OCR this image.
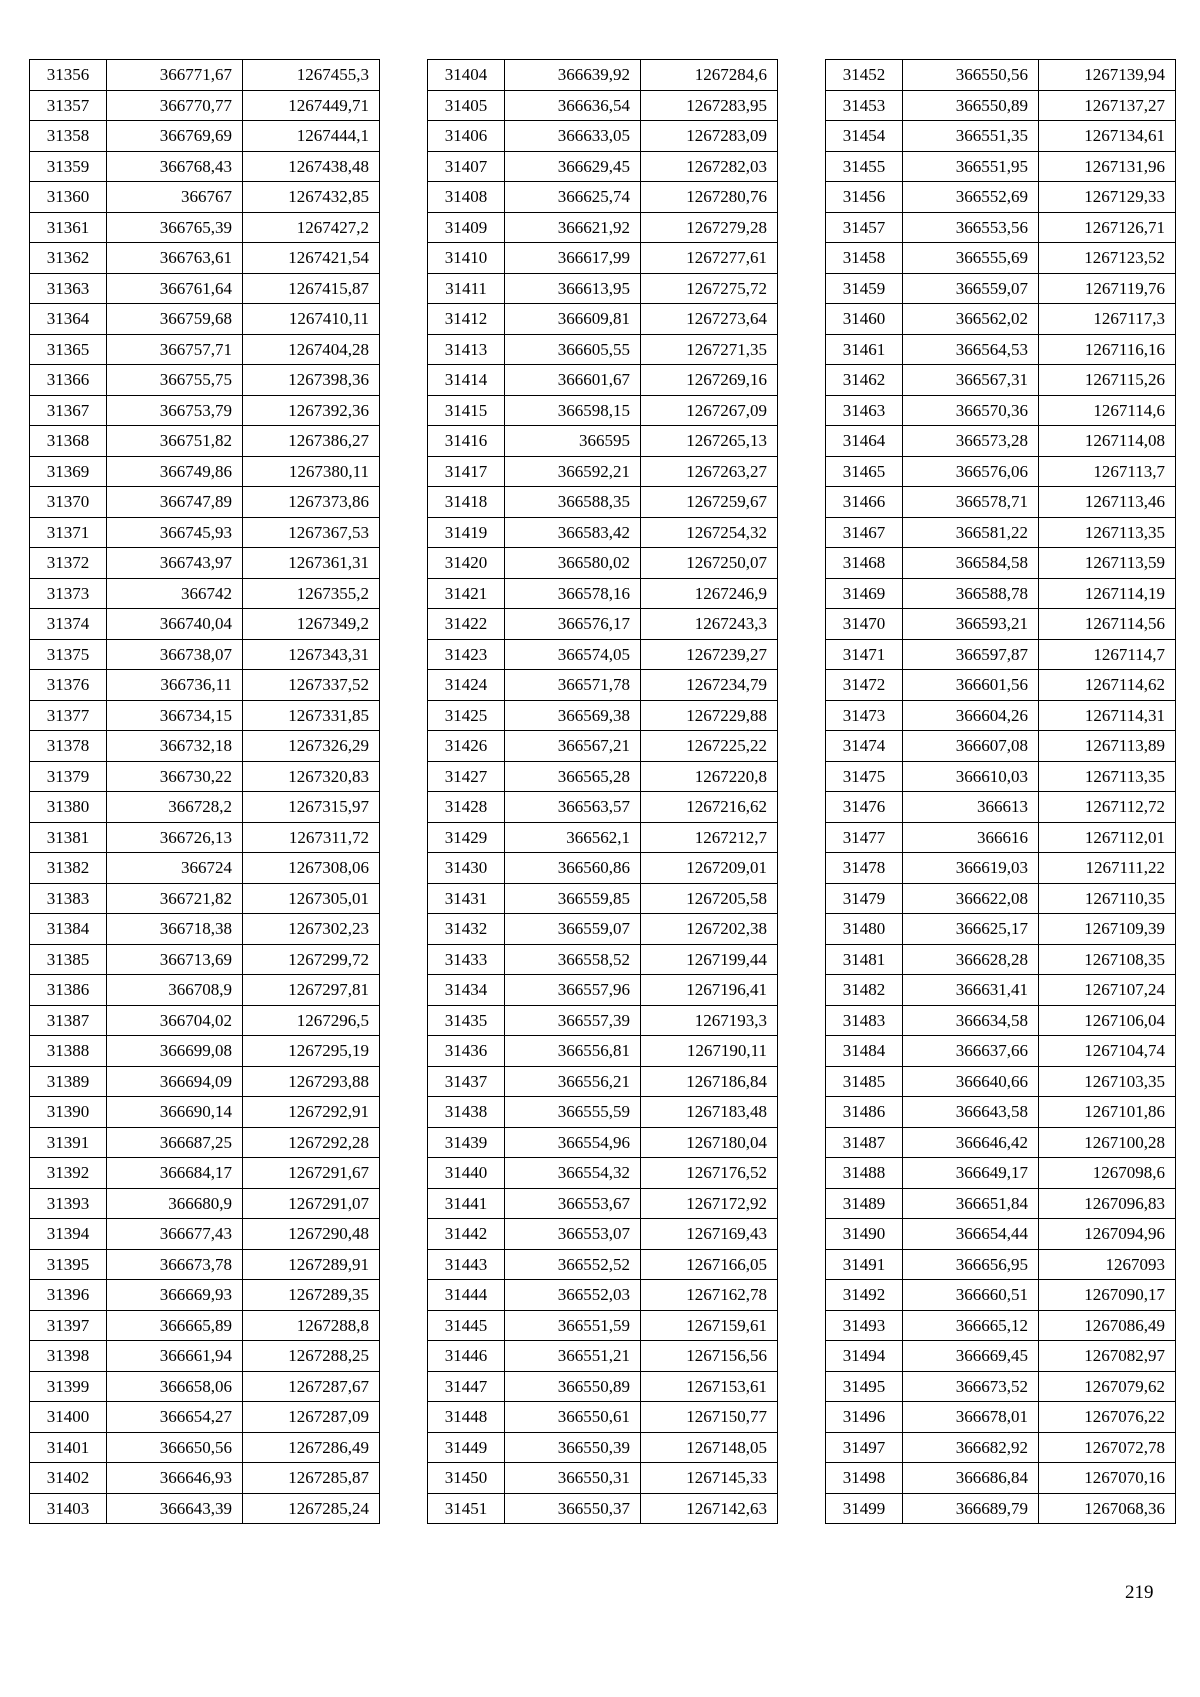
31356	366771,67	1267455,3
31357	366770,77	1267449,71
31358	366769,69	1267444,1
31359	366768,43	1267438,48
31360	366767	1267432,85
31361	366765,39	1267427,2
31362	366763,61	1267421,54
31363	366761,64	1267415,87
31364	366759,68	1267410,11
31365	366757,71	1267404,28
31366	366755,75	1267398,36
31367	366753,79	1267392,36
31368	366751,82	1267386,27
31369	366749,86	1267380,11
31370	366747,89	1267373,86
31371	366745,93	1267367,53
31372	366743,97	1267361,31
31373	366742	1267355,2
31374	366740,04	1267349,2
31375	366738,07	1267343,31
31376	366736,11	1267337,52
31377	366734,15	1267331,85
31378	366732,18	1267326,29
31379	366730,22	1267320,83
31380	366728,2	1267315,97
31381	366726,13	1267311,72
31382	366724	1267308,06
31383	366721,82	1267305,01
31384	366718,38	1267302,23
31385	366713,69	1267299,72
31386	366708,9	1267297,81
31387	366704,02	1267296,5
31388	366699,08	1267295,19
31389	366694,09	1267293,88
31390	366690,14	1267292,91
31391	366687,25	1267292,28
31392	366684,17	1267291,67
31393	366680,9	1267291,07
31394	366677,43	1267290,48
31395	366673,78	1267289,91
31396	366669,93	1267289,35
31397	366665,89	1267288,8
31398	366661,94	1267288,25
31399	366658,06	1267287,67
31400	366654,27	1267287,09
31401	366650,56	1267286,49
31402	366646,93	1267285,87
31403	366643,39	1267285,24
31404	366639,92	1267284,6
31405	366636,54	1267283,95
31406	366633,05	1267283,09
31407	366629,45	1267282,03
31408	366625,74	1267280,76
31409	366621,92	1267279,28
31410	366617,99	1267277,61
31411	366613,95	1267275,72
31412	366609,81	1267273,64
31413	366605,55	1267271,35
31414	366601,67	1267269,16
31415	366598,15	1267267,09
31416	366595	1267265,13
31417	366592,21	1267263,27
31418	366588,35	1267259,67
31419	366583,42	1267254,32
31420	366580,02	1267250,07
31421	366578,16	1267246,9
31422	366576,17	1267243,3
31423	366574,05	1267239,27
31424	366571,78	1267234,79
31425	366569,38	1267229,88
31426	366567,21	1267225,22
31427	366565,28	1267220,8
31428	366563,57	1267216,62
31429	366562,1	1267212,7
31430	366560,86	1267209,01
31431	366559,85	1267205,58
31432	366559,07	1267202,38
31433	366558,52	1267199,44
31434	366557,96	1267196,41
31435	366557,39	1267193,3
31436	366556,81	1267190,11
31437	366556,21	1267186,84
31438	366555,59	1267183,48
31439	366554,96	1267180,04
31440	366554,32	1267176,52
31441	366553,67	1267172,92
31442	366553,07	1267169,43
31443	366552,52	1267166,05
31444	366552,03	1267162,78
31445	366551,59	1267159,61
31446	366551,21	1267156,56
31447	366550,89	1267153,61
31448	366550,61	1267150,77
31449	366550,39	1267148,05
31450	366550,31	1267145,33
31451	366550,37	1267142,63
31452	366550,56	1267139,94
31453	366550,89	1267137,27
31454	366551,35	1267134,61
31455	366551,95	1267131,96
31456	366552,69	1267129,33
31457	366553,56	1267126,71
31458	366555,69	1267123,52
31459	366559,07	1267119,76
31460	366562,02	1267117,3
31461	366564,53	1267116,16
31462	366567,31	1267115,26
31463	366570,36	1267114,6
31464	366573,28	1267114,08
31465	366576,06	1267113,7
31466	366578,71	1267113,46
31467	366581,22	1267113,35
31468	366584,58	1267113,59
31469	366588,78	1267114,19
31470	366593,21	1267114,56
31471	366597,87	1267114,7
31472	366601,56	1267114,62
31473	366604,26	1267114,31
31474	366607,08	1267113,89
31475	366610,03	1267113,35
31476	366613	1267112,72
31477	366616	1267112,01
31478	366619,03	1267111,22
31479	366622,08	1267110,35
31480	366625,17	1267109,39
31481	366628,28	1267108,35
31482	366631,41	1267107,24
31483	366634,58	1267106,04
31484	366637,66	1267104,74
31485	366640,66	1267103,35
31486	366643,58	1267101,86
31487	366646,42	1267100,28
31488	366649,17	1267098,6
31489	366651,84	1267096,83
31490	366654,44	1267094,96
31491	366656,95	1267093
31492	366660,51	1267090,17
31493	366665,12	1267086,49
31494	366669,45	1267082,97
31495	366673,52	1267079,62
31496	366678,01	1267076,22
31497	366682,92	1267072,78
31498	366686,84	1267070,16
31499	366689,79	1267068,36
219
